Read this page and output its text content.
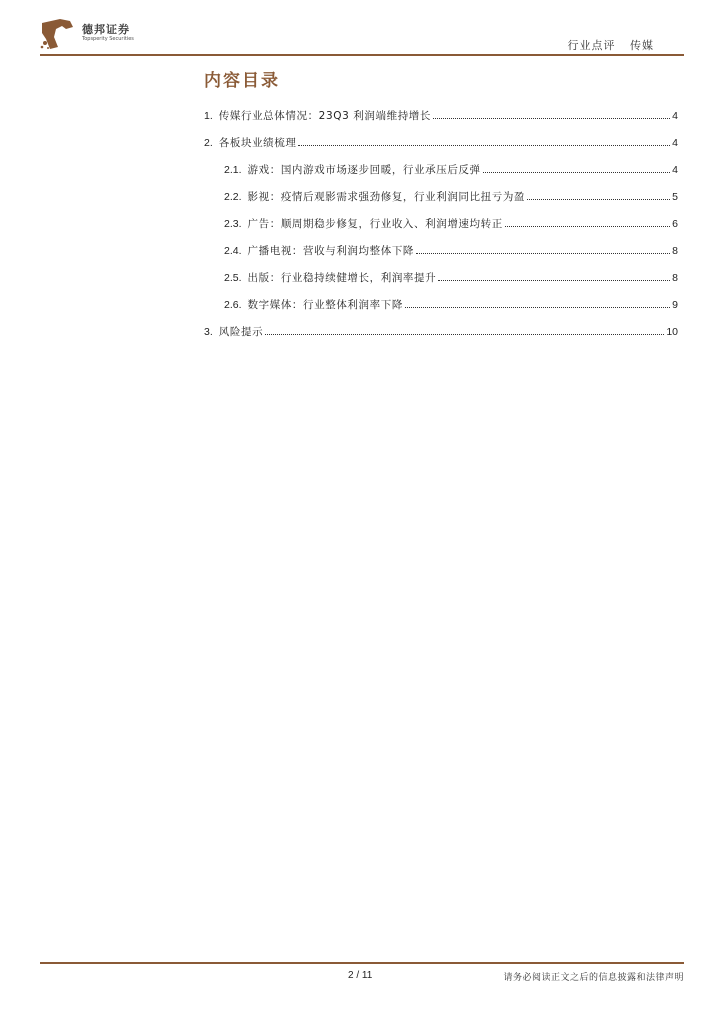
德邦证券
Topsperity Securities	行业点评 传媒
内容目录
1. 传媒行业总体情况：23Q3 利润端维持增长	4
2. 各板块业绩梳理	4
2.1. 游戏：国内游戏市场逐步回暖，行业承压后反弹	4
2.2. 影视：疫情后观影需求强劲修复，行业利润同比扭亏为盈	5
2.3. 广告：顺周期稳步修复，行业收入、利润增速均转正	6
2.4. 广播电视：营收与利润均整体下降	8
2.5. 出版：行业稳持续健增长，利润率提升	8
2.6. 数字媒体：行业整体利润率下降	9
3. 风险提示	10
2 / 11	请务必阅读正文之后的信息披露和法律声明
